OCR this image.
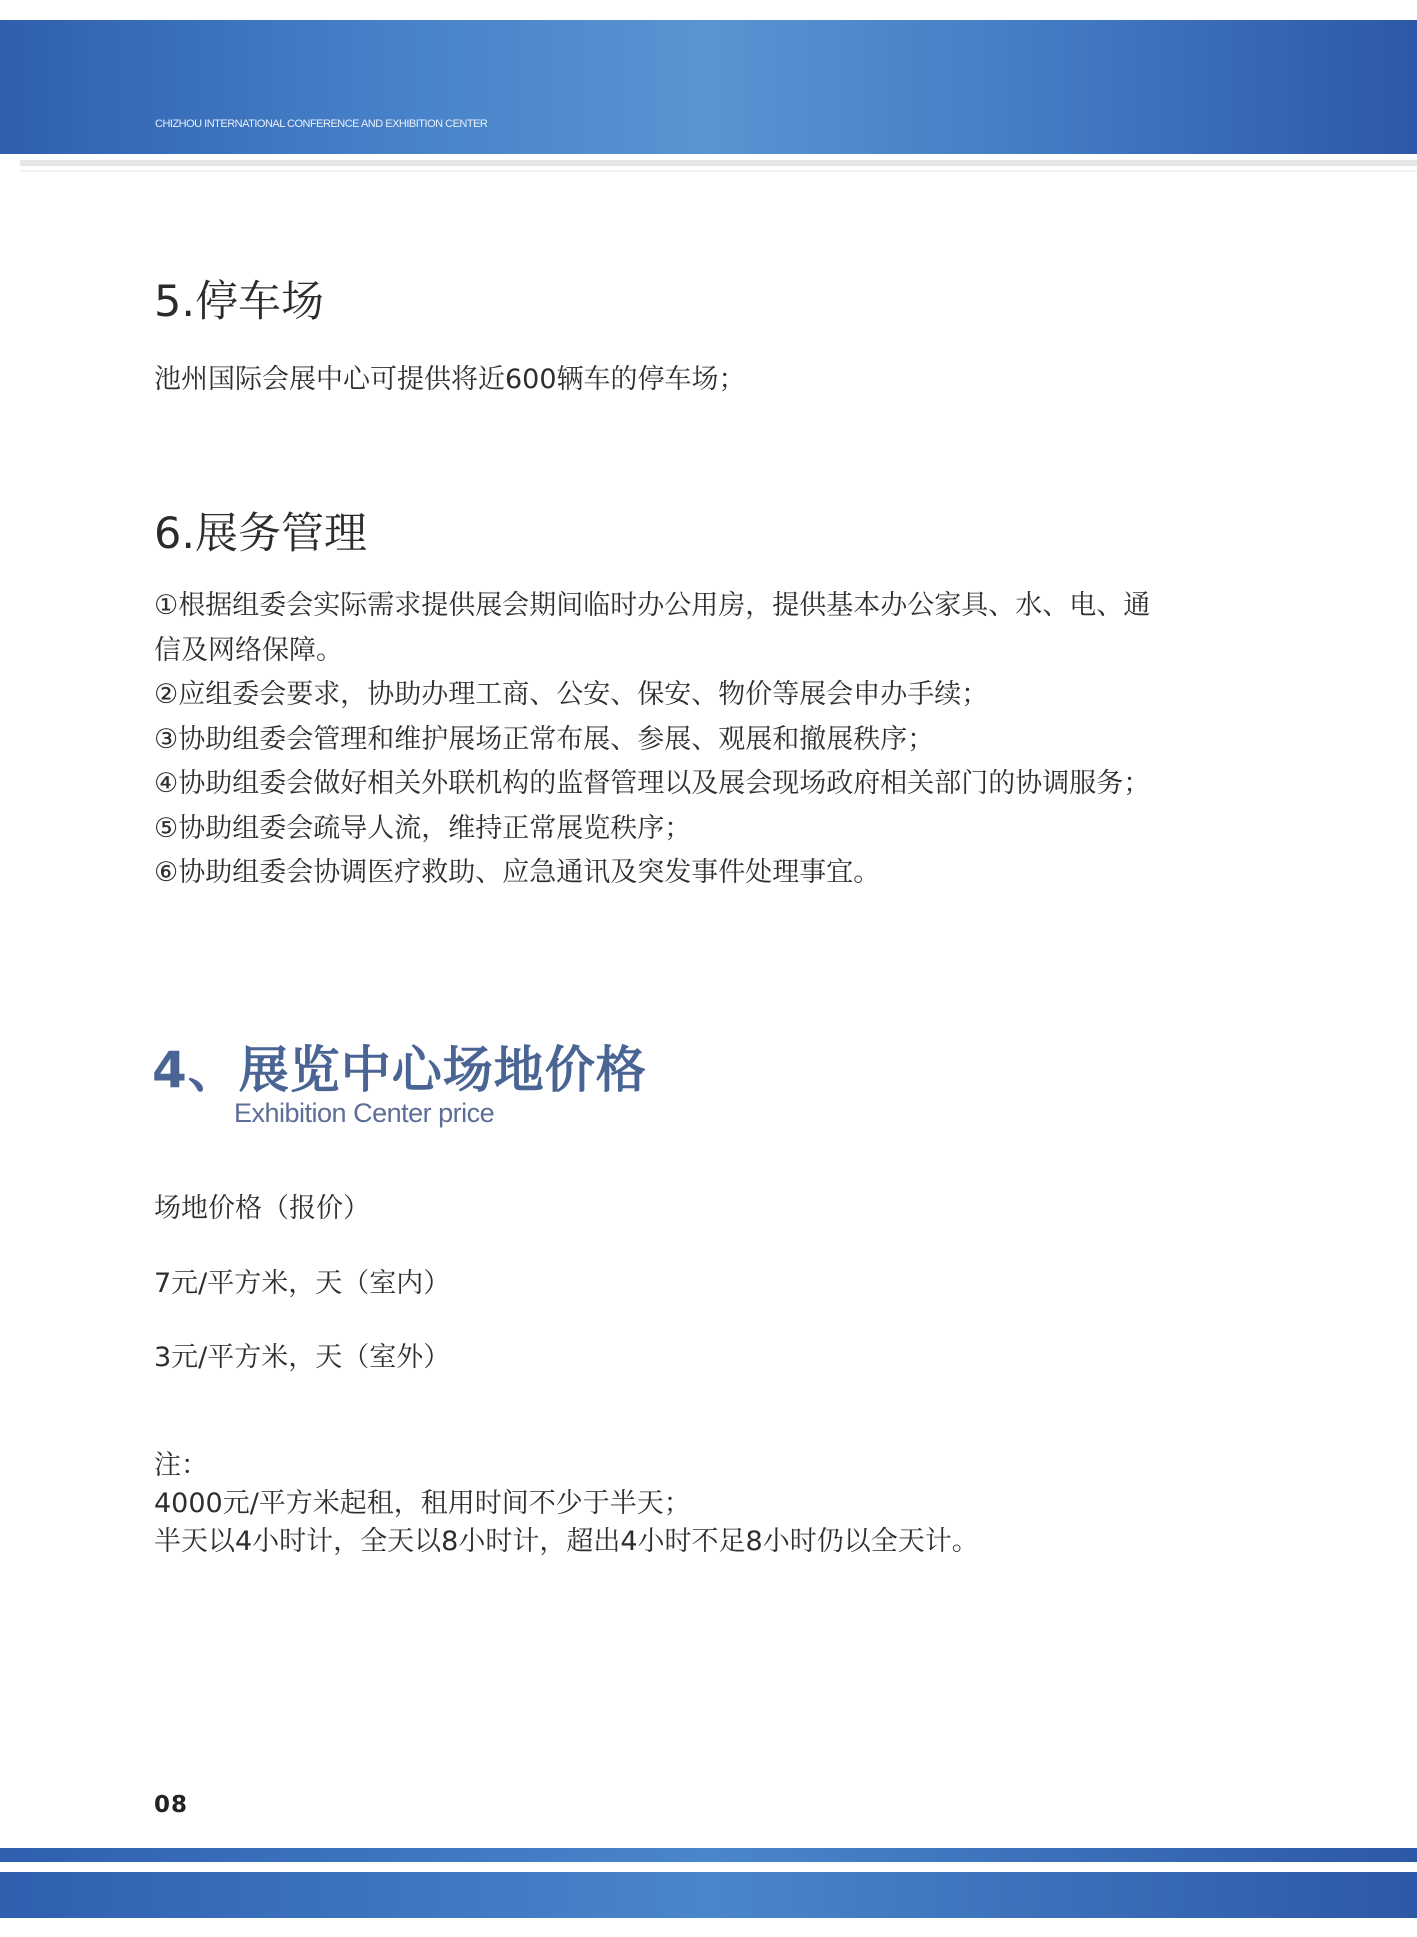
CHIZHOU INTERNATIONAL CONFERENCE AND EXHIBITION CENTER
5.停车场
池州国际会展中心可提供将近600辆车的停车场；
6.展务管理
①根据组委会实际需求提供展会期间临时办公用房，提供基本办公家具、水、电、通
信及网络保障。
②应组委会要求，协助办理工商、公安、保安、物价等展会申办手续；
③协助组委会管理和维护展场正常布展、参展、观展和撤展秩序；
④协助组委会做好相关外联机构的监督管理以及展会现场政府相关部门的协调服务；
⑤协助组委会疏导人流，维持正常展览秩序；
⑥协助组委会协调医疗救助、应急通讯及突发事件处理事宜。
4、展览中心场地价格
Exhibition Center price
场地价格（报价）
7元/平方米，天（室内）
3元/平方米，天（室外）
注：
4000元/平方米起租，租用时间不少于半天；
半天以4小时计，全天以8小时计，超出4小时不足8小时仍以全天计。
08
